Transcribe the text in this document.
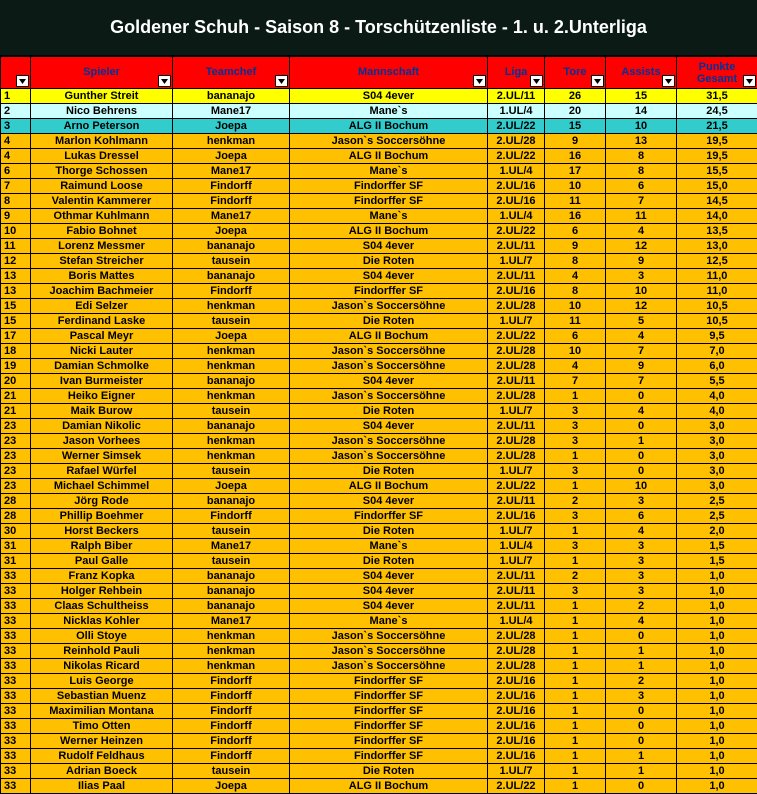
Goldener Schuh - Saison 8 - Torschützenliste - 1. u. 2.Unterliga
	Spieler	Teamchef	Mannschaft	Liga	Tore	Assists	Punkte Gesamt

1	Gunther Streit	bananajo	S04 4ever	2.UL/11	26	15	31,5
2	Nico Behrens	Mane17	Mane`s	1.UL/4	20	14	24,5
3	Arno Peterson	Joepa	ALG II Bochum	2.UL/22	15	10	21,5
4	Marlon Kohlmann	henkman	Jason`s Soccersöhne	2.UL/28	9	13	19,5
4	Lukas Dressel	Joepa	ALG II Bochum	2.UL/22	16	8	19,5
6	Thorge Schossen	Mane17	Mane`s	1.UL/4	17	8	15,5
7	Raimund Loose	Findorff	Findorffer SF	2.UL/16	10	6	15,0
8	Valentin Kammerer	Findorff	Findorffer SF	2.UL/16	11	7	14,5
9	Othmar Kuhlmann	Mane17	Mane`s	1.UL/4	16	11	14,0
10	Fabio Bohnet	Joepa	ALG II Bochum	2.UL/22	6	4	13,5
11	Lorenz Messmer	bananajo	S04 4ever	2.UL/11	9	12	13,0
12	Stefan Streicher	tausein	Die Roten	1.UL/7	8	9	12,5
13	Boris Mattes	bananajo	S04 4ever	2.UL/11	4	3	11,0
13	Joachim Bachmeier	Findorff	Findorffer SF	2.UL/16	8	10	11,0
15	Edi Selzer	henkman	Jason`s Soccersöhne	2.UL/28	10	12	10,5
15	Ferdinand Laske	tausein	Die Roten	1.UL/7	11	5	10,5
17	Pascal Meyr	Joepa	ALG II Bochum	2.UL/22	6	4	9,5
18	Nicki Lauter	henkman	Jason`s Soccersöhne	2.UL/28	10	7	7,0
19	Damian Schmolke	henkman	Jason`s Soccersöhne	2.UL/28	4	9	6,0
20	Ivan Burmeister	bananajo	S04 4ever	2.UL/11	7	7	5,5
21	Heiko Eigner	henkman	Jason`s Soccersöhne	2.UL/28	1	0	4,0
21	Maik Burow	tausein	Die Roten	1.UL/7	3	4	4,0
23	Damian Nikolic	bananajo	S04 4ever	2.UL/11	3	0	3,0
23	Jason Vorhees	henkman	Jason`s Soccersöhne	2.UL/28	3	1	3,0
23	Werner Simsek	henkman	Jason`s Soccersöhne	2.UL/28	1	0	3,0
23	Rafael Würfel	tausein	Die Roten	1.UL/7	3	0	3,0
23	Michael Schimmel	Joepa	ALG II Bochum	2.UL/22	1	10	3,0
28	Jörg Rode	bananajo	S04 4ever	2.UL/11	2	3	2,5
28	Phillip Boehmer	Findorff	Findorffer SF	2.UL/16	3	6	2,5
30	Horst Beckers	tausein	Die Roten	1.UL/7	1	4	2,0
31	Ralph Biber	Mane17	Mane`s	1.UL/4	3	3	1,5
31	Paul Galle	tausein	Die Roten	1.UL/7	1	3	1,5
33	Franz Kopka	bananajo	S04 4ever	2.UL/11	2	3	1,0
33	Holger Rehbein	bananajo	S04 4ever	2.UL/11	3	3	1,0
33	Claas Schultheiss	bananajo	S04 4ever	2.UL/11	1	2	1,0
33	Nicklas Kohler	Mane17	Mane`s	1.UL/4	1	4	1,0
33	Olli Stoye	henkman	Jason`s Soccersöhne	2.UL/28	1	0	1,0
33	Reinhold Pauli	henkman	Jason`s Soccersöhne	2.UL/28	1	1	1,0
33	Nikolas Ricard	henkman	Jason`s Soccersöhne	2.UL/28	1	1	1,0
33	Luis George	Findorff	Findorffer SF	2.UL/16	1	2	1,0
33	Sebastian Muenz	Findorff	Findorffer SF	2.UL/16	1	3	1,0
33	Maximilian Montana	Findorff	Findorffer SF	2.UL/16	1	0	1,0
33	Timo Otten	Findorff	Findorffer SF	2.UL/16	1	0	1,0
33	Werner Heinzen	Findorff	Findorffer SF	2.UL/16	1	0	1,0
33	Rudolf Feldhaus	Findorff	Findorffer SF	2.UL/16	1	1	1,0
33	Adrian Boeck	tausein	Die Roten	1.UL/7	1	1	1,0
33	Ilias Paal	Joepa	ALG II Bochum	2.UL/22	1	0	1,0
